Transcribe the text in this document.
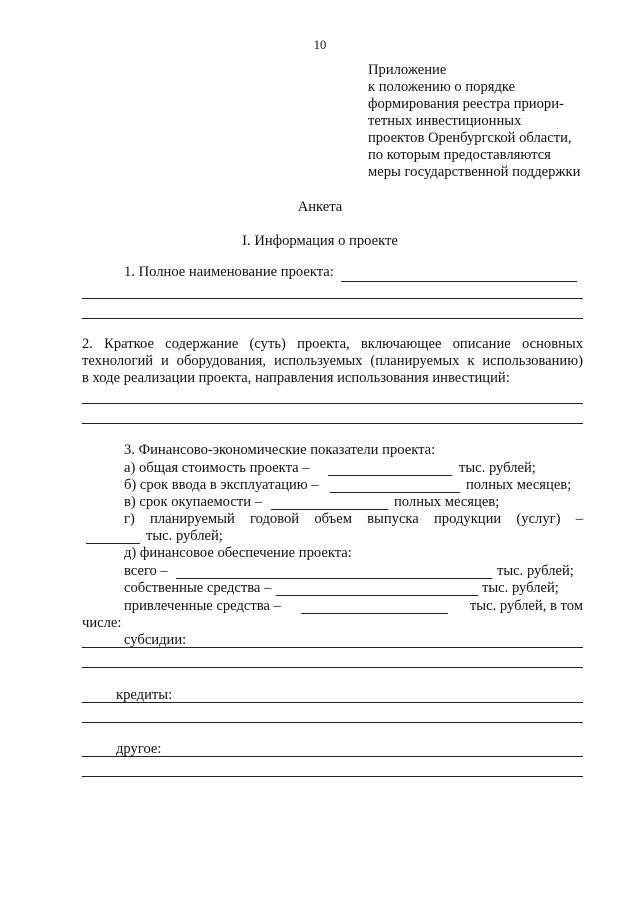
10
Приложение
к положению о порядке
формирования реестра приори-
тетных инвестиционных
проектов Оренбургской области,
по которым предоставляются
меры государственной поддержки
Анкета
I. Информация о проекте
1. Полное наименование проекта:
2. Краткое содержание (суть) проекта, включающее описание основных
технологий и оборудования, используемых (планируемых к использованию)
в ходе реализации проекта, направления использования инвестиций:
3. Финансово-экономические показатели проекта:
а) общая стоимость проекта –	тыс. рублей;
б) срок ввода в эксплуатацию –	полных месяцев;
в) срок окупаемости –	полных месяцев;
г) планируемый годовой объем выпуска продукции (услуг) –
тыс. рублей;
д) финансовое обеспечение проекта:
всего –	тыс. рублей;
собственные средства –	тыс. рублей;
привлеченные средства –	тыс. рублей, в том
числе:
субсидии:
кредиты:
другое:
